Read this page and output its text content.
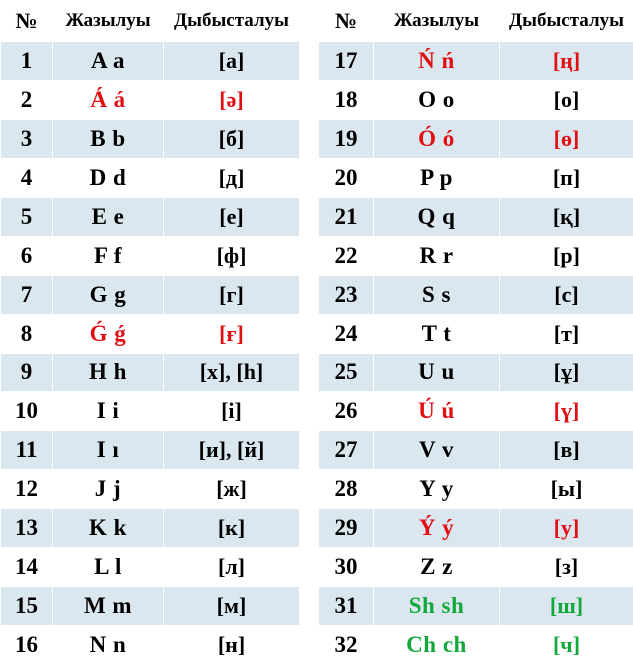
№	Жазылуы	Дыбысталуы
1	A a	[a]
2	Á á	[ə]
3	B b	[б]
4	D d	[д]
5	E e	[е]
6	F f	[ф]
7	G g	[г]
8	Ǵ ǵ	[ғ]
9	H h	[х], [h]
10	I i	[і]
11	I ı	[и], [й]
12	J j	[ж]
13	K k	[к]
14	L l	[л]
15	M m	[м]
16	N n	[н]
№	Жазылуы	Дыбысталуы
17	Ń ń	[ң]
18	O o	[о]
19	Ó ó	[ө]
20	P p	[п]
21	Q q	[қ]
22	R r	[р]
23	S s	[с]
24	T t	[т]
25	U u	[ұ]
26	Ú ú	[ү]
27	V v	[в]
28	Y y	[ы]
29	Ý ý	[у]
30	Z z	[з]
31	Sh sh	[ш]
32	Ch ch	[ч]
